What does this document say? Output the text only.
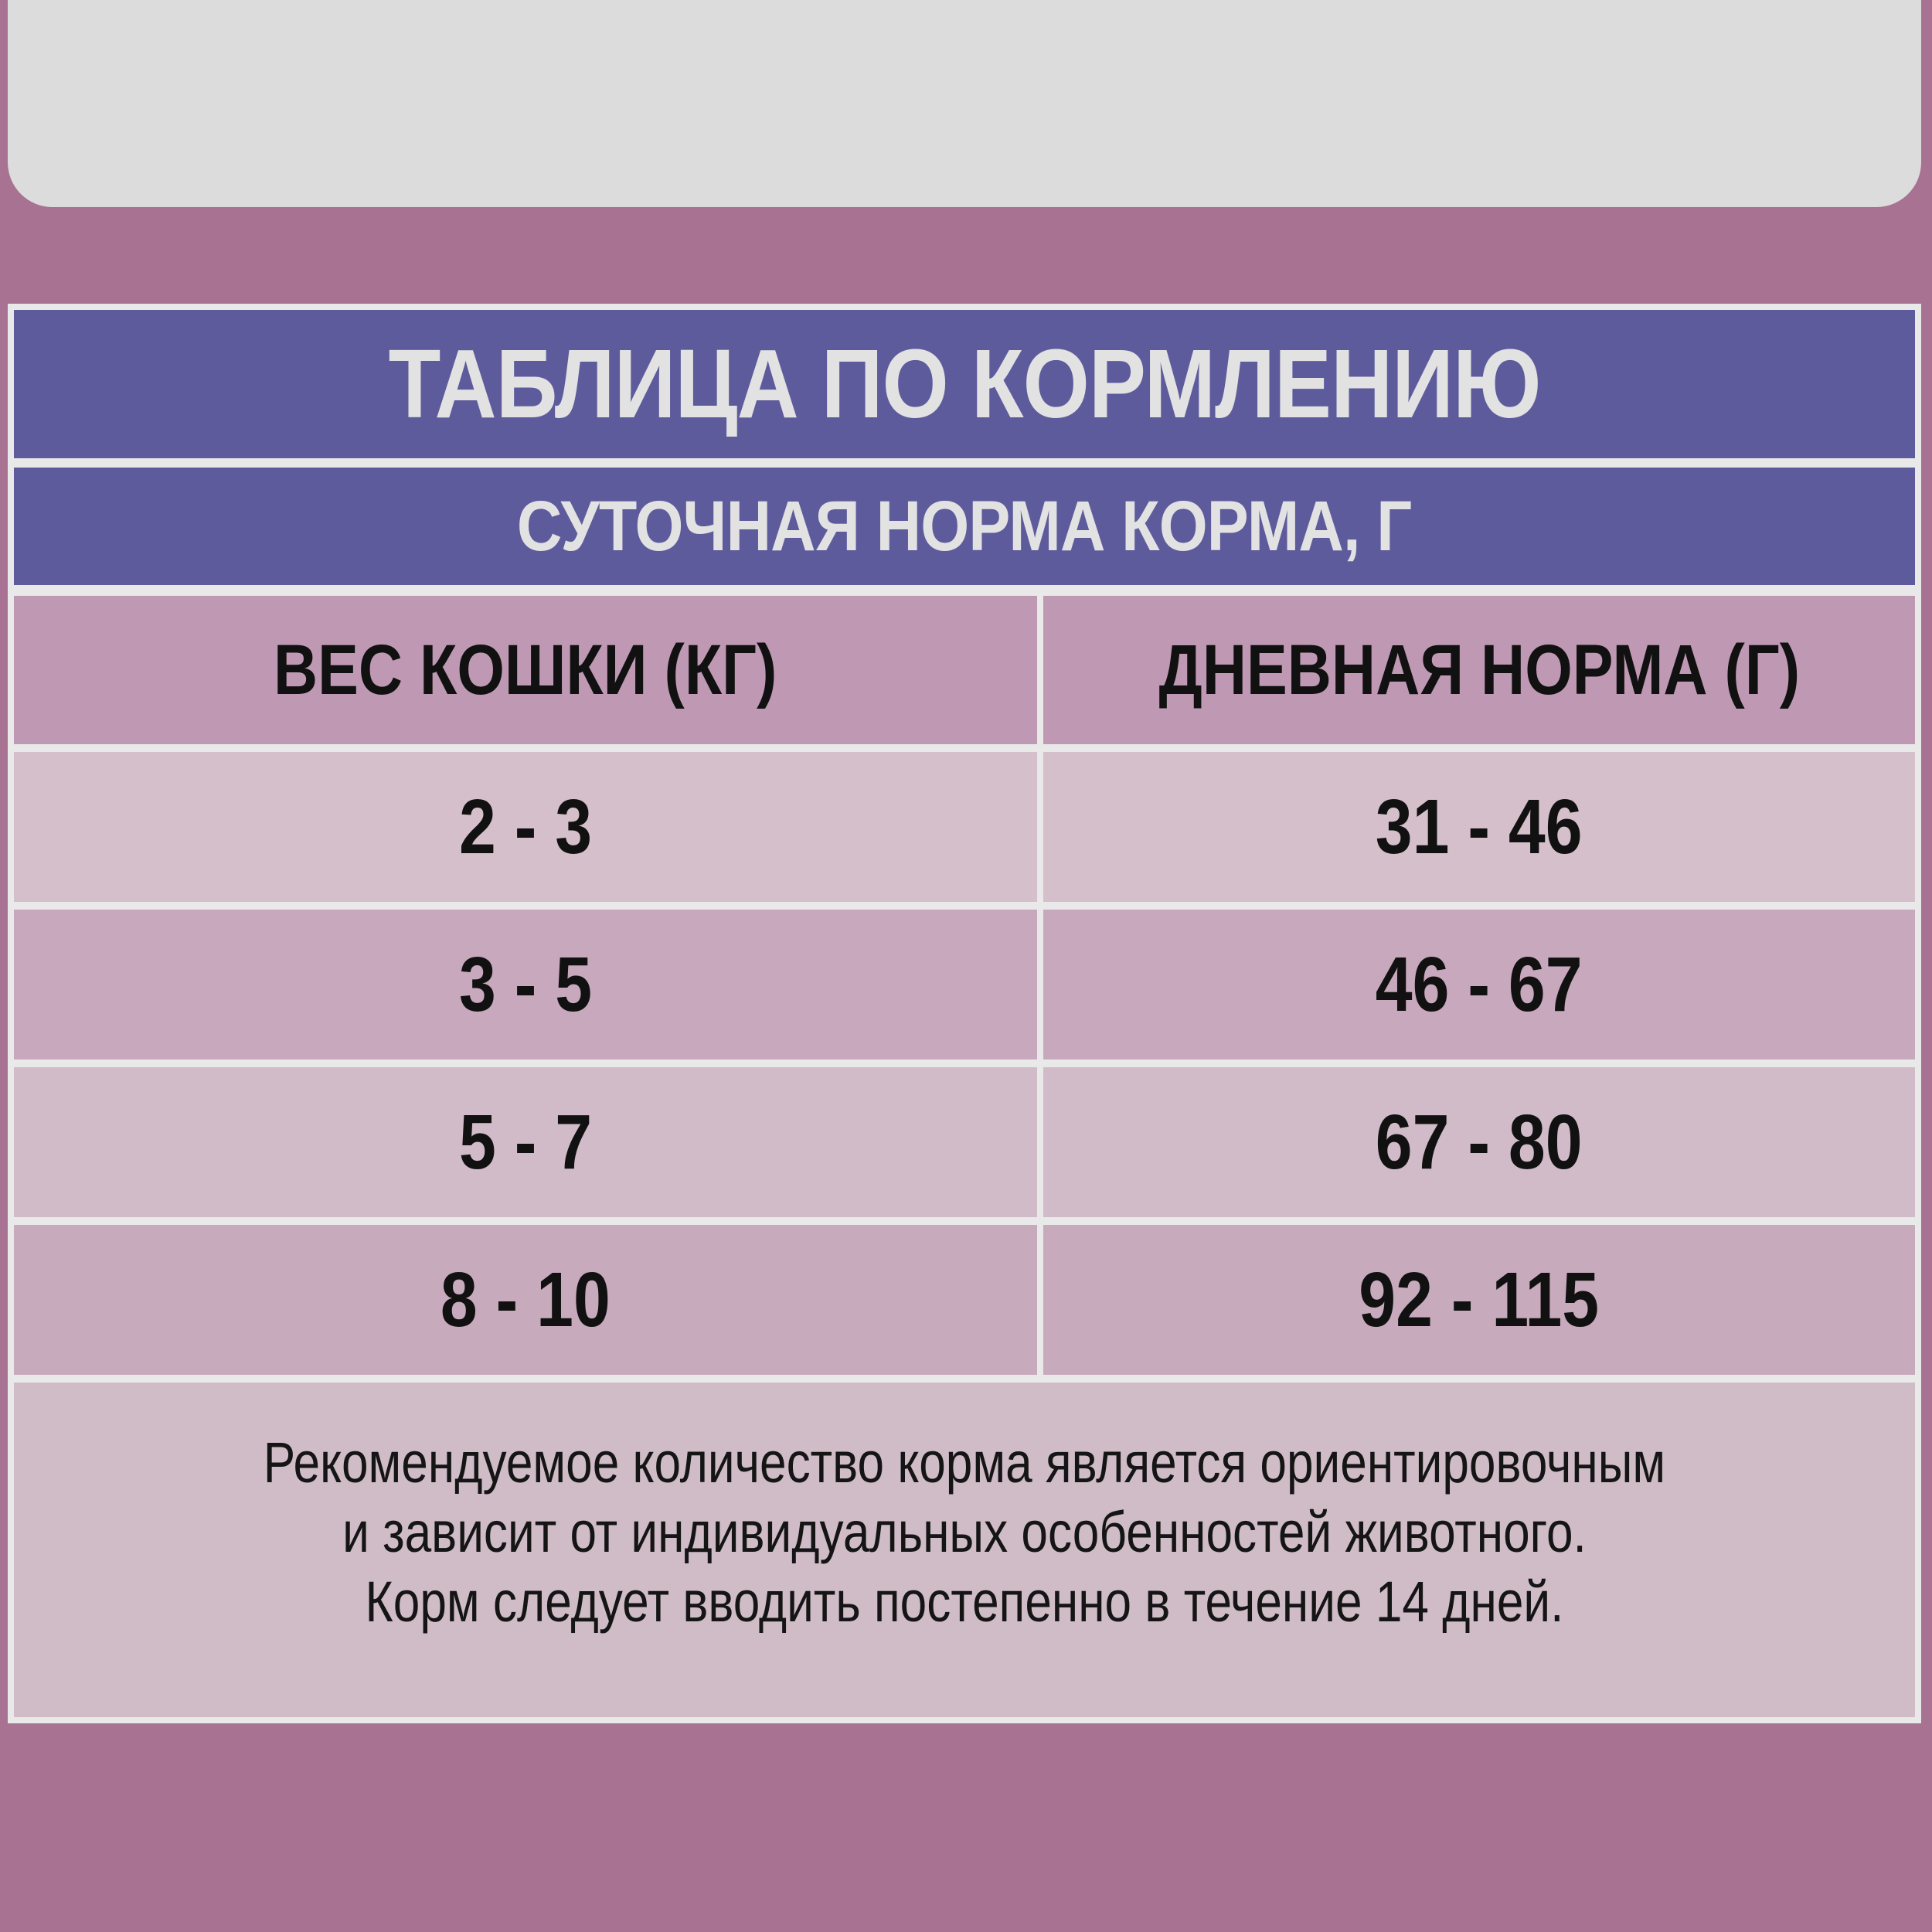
ТАБЛИЦА ПО КОРМЛЕНИЮ
СУТОЧНАЯ НОРМА КОРМА, Г
ВЕС КОШКИ (КГ)	ДНЕВНАЯ НОРМА (Г)
2 - 3	31 - 46
3 - 5	46 - 67
5 - 7	67 - 80
8 - 10	92 - 115
Рекомендуемое количество корма является ориентировочным
и зависит от индивидуальных особенностей животного.
Корм следует вводить постепенно в течение 14 дней.
